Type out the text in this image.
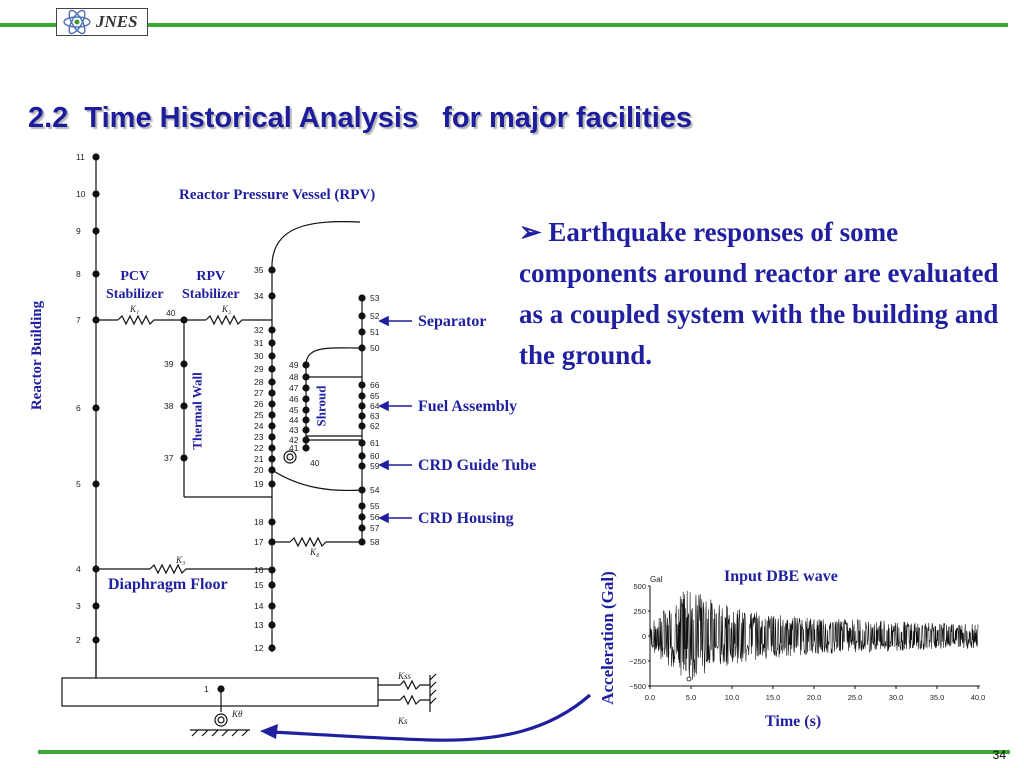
JNES
2.2  Time Historical Analysis   for major facilities
11
10
9
8
7
6
5
4
3
2
1
40
39
38
37
35
34
32
31
30
29
28
27
26
25
24
23
22
21
20
19
18
17
16
15
14
13
12
49
48
47
46
45
44
43
42
41
40
53
52
51
50
66
65
64
63
62
61
60
59
54
55
56
57
58
K₁	K₂
K₃
K₄
Kss
Ks
Kθ
Reactor Pressure Vessel (RPV)
PCV
Stabilizer
RPV
Stabilizer
Reactor Building
Thermal Wall	Shroud
Separator
Fuel Assembly
CRD Guide Tube
CRD Housing
Diaphragm Floor
➢ Earthquake responses of some components around reactor are evaluated as a coupled system with the building and the ground.
Input DBE wave
Acceleration (Gal)
Time (s)
500
250
0
−250
−500
0.0	5.0	10.0	15.0	20.0	25.0	30.0	35.0	40.0
Gal
34
